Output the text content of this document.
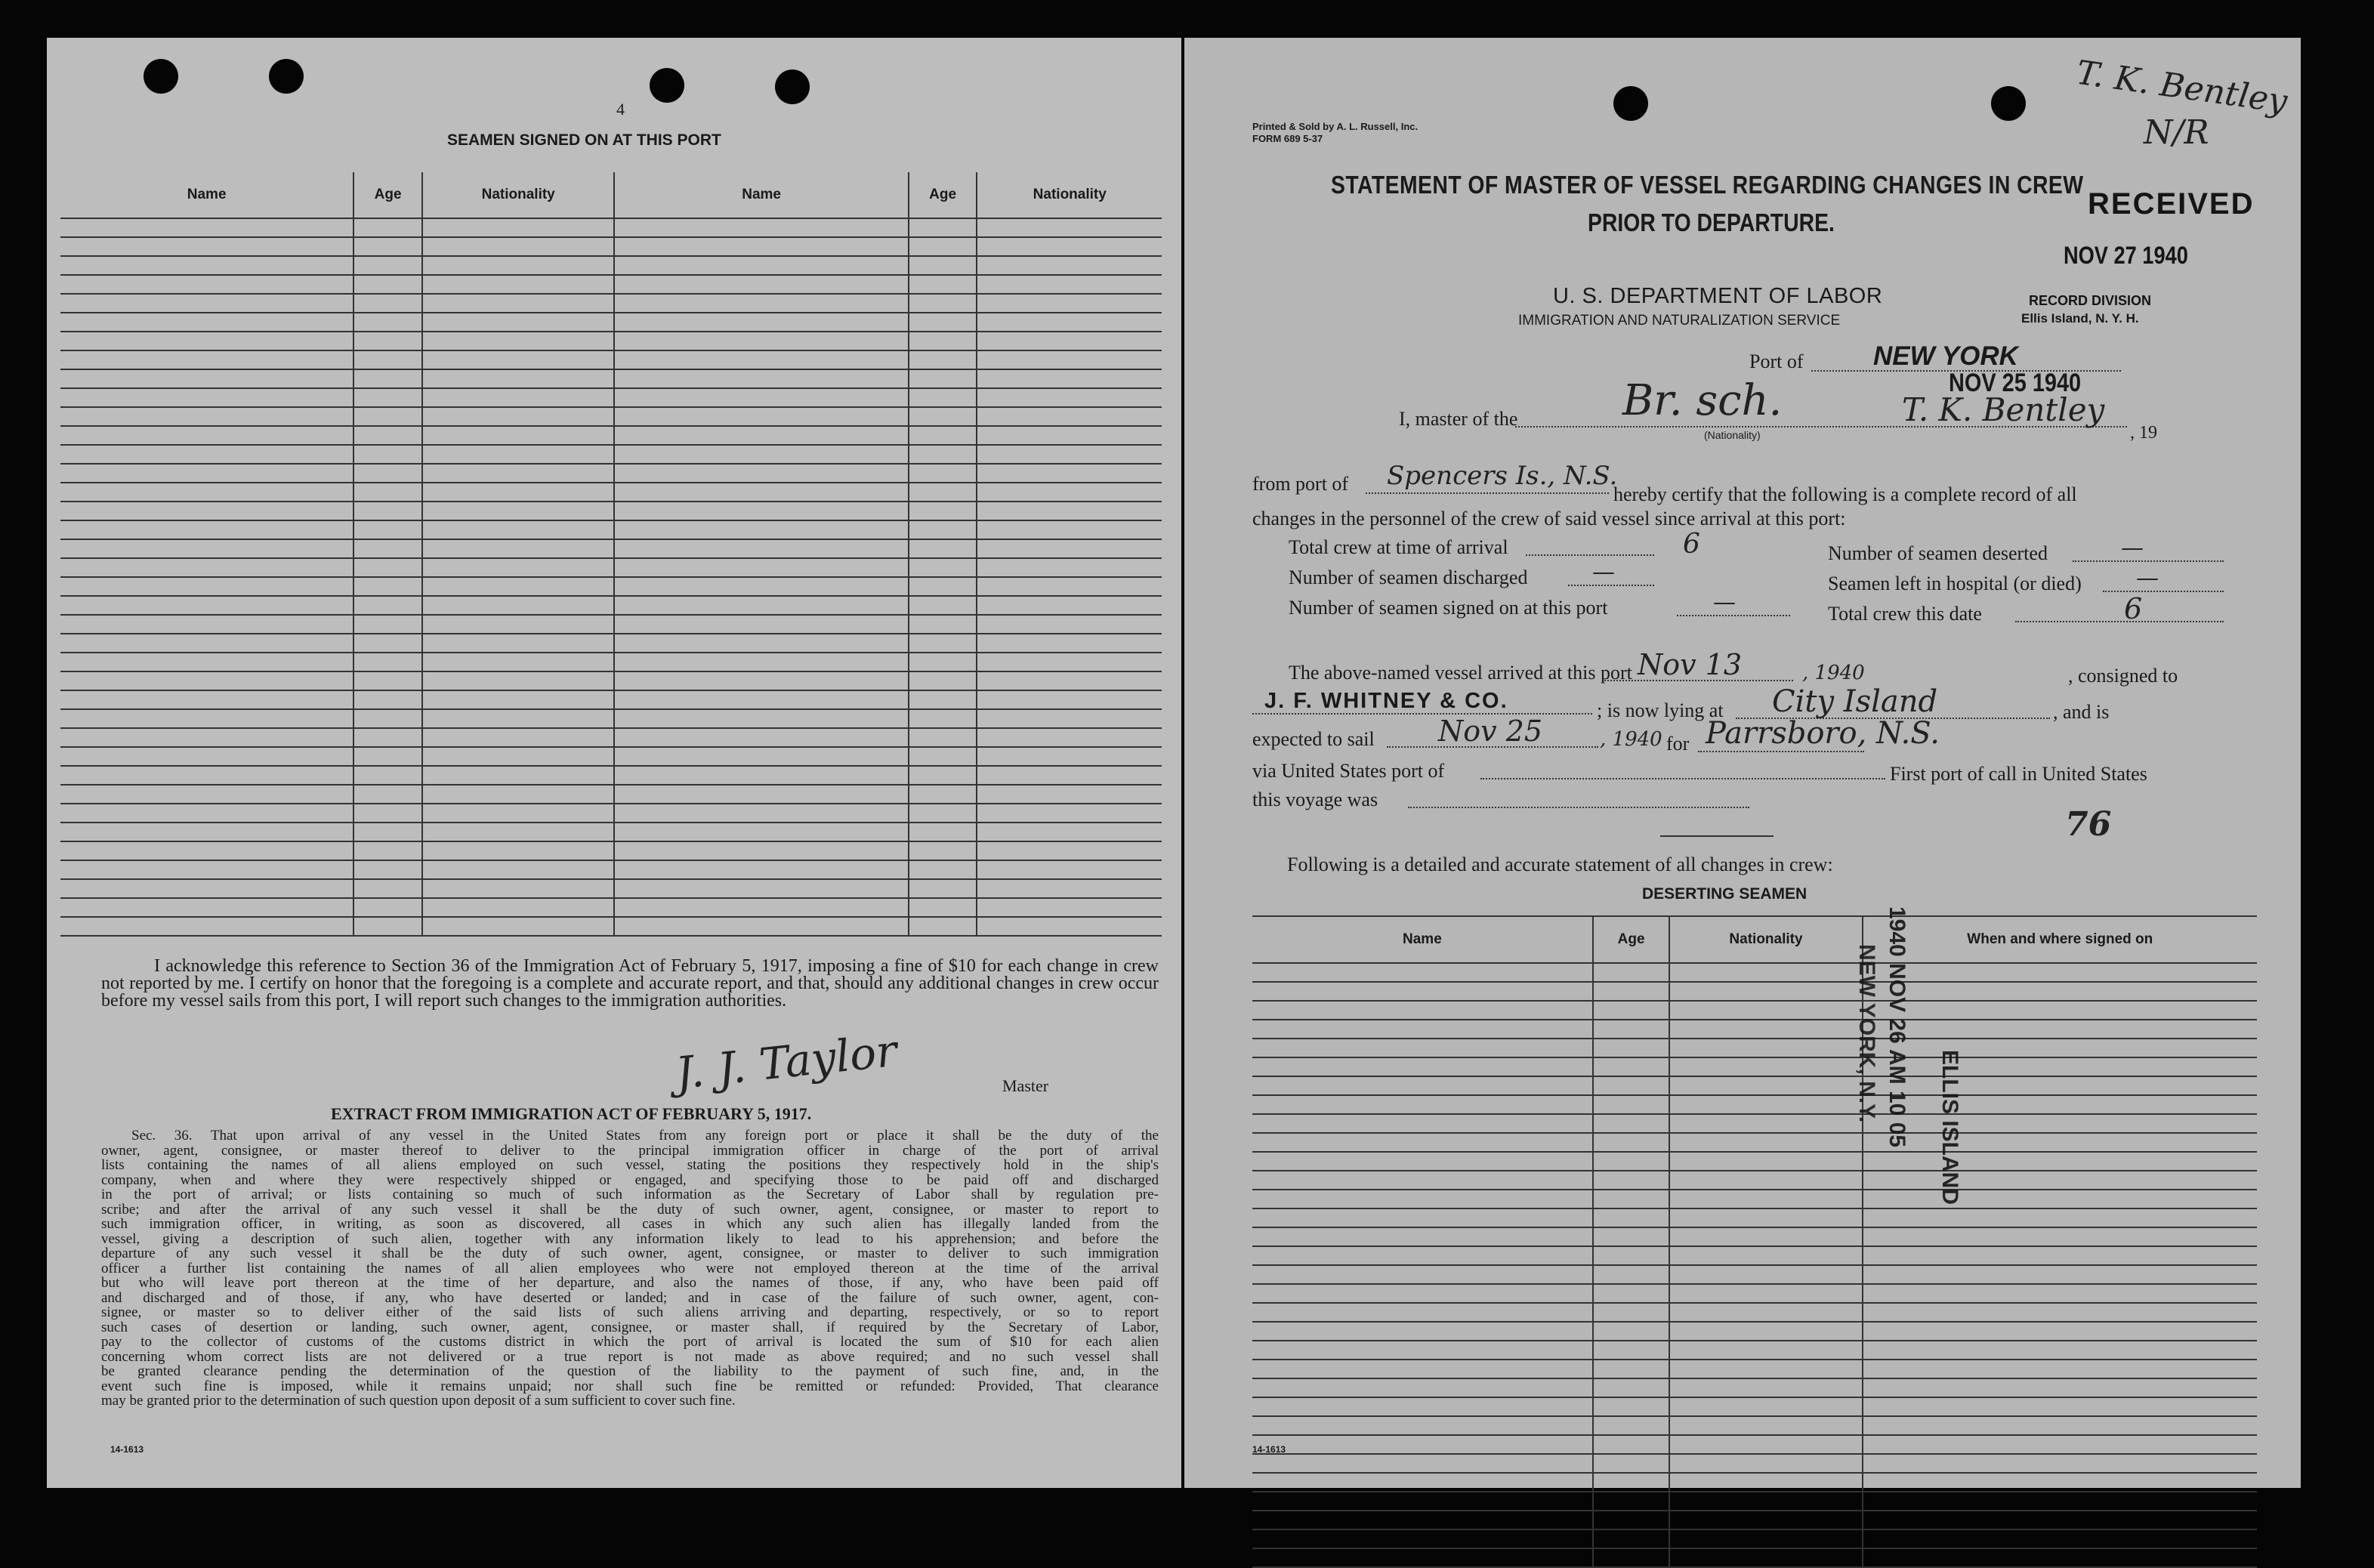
4
SEAMEN SIGNED ON AT THIS PORT
Name	Age	Nationality	Name	Age	Nationality

I acknowledge this reference to Section 36 of the Immigration Act of February 5, 1917, imposing a fine of $10 for each change in crew not reported by me. I certify on honor that the foregoing is a complete and accurate report, and that, should any additional changes in crew occur before my vessel sails from this port, I will report such changes to the immigration authorities.
J. J. Taylor	Master
EXTRACT FROM IMMIGRATION ACT OF FEBRUARY 5, 1917.
Sec. 36. That upon arrival of any vessel in the United States from any foreign port or place it shall be the duty of the
owner, agent, consignee, or master thereof to deliver to the principal immigration officer in charge of the port of arrival
lists containing the names of all aliens employed on such vessel, stating the positions they respectively hold in the ship's
company, when and where they were respectively shipped or engaged, and specifying those to be paid off and discharged
in the port of arrival; or lists containing so much of such information as the Secretary of Labor shall by regulation pre-
scribe; and after the arrival of any such vessel it shall be the duty of such owner, agent, consignee, or master to report to
such immigration officer, in writing, as soon as discovered, all cases in which any such alien has illegally landed from the
vessel, giving a description of such alien, together with any information likely to lead to his apprehension; and before the
departure of any such vessel it shall be the duty of such owner, agent, consignee, or master to deliver to such immigration
officer a further list containing the names of all alien employees who were not employed thereon at the time of the arrival
but who will leave port thereon at the time of her departure, and also the names of those, if any, who have been paid off
and discharged and of those, if any, who have deserted or landed; and in case of the failure of such owner, agent, con-
signee, or master so to deliver either of the said lists of such aliens arriving and departing, respectively, or so to report
such cases of desertion or landing, such owner, agent, consignee, or master shall, if required by the Secretary of Labor,
pay to the collector of customs of the customs district in which the port of arrival is located the sum of $10 for each alien
concerning whom correct lists are not delivered or a true report is not made as above required; and no such vessel shall
be granted clearance pending the determination of the question of the liability to the payment of such fine, and, in the
event such fine is imposed, while it remains unpaid; nor shall such fine be remitted or refunded: Provided, That clearance
may be granted prior to the determination of such question upon deposit of a sum sufficient to cover such fine.
14-1613
Printed & Sold by A. L. Russell, Inc.
FORM 689 5-37
STATEMENT OF MASTER OF VESSEL REGARDING CHANGES IN CREW
PRIOR TO DEPARTURE.
U. S. DEPARTMENT OF LABOR
IMMIGRATION AND NATURALIZATION SERVICE
Port of	NEW YORK
NOV 25 1940
I, master of the Br. sch.	T. K. Bentley
(Nationality)	, 19
from port of Spencers Is., N.S.
hereby certify that the following is a complete record of all
changes in the personnel of the crew of said vessel since arrival at this port:
Total crew at time of arrival	6
Number of seamen discharged	—
Number of seamen signed on at this port	—
Number of seamen deserted	—
Seamen left in hospital (or died) —
Total crew this date	6
The above-named vessel arrived at this port Nov 13	, 1940	, consigned to
J. F. WHITNEY & CO.	; is now lying at City Island	, and is
expected to sail Nov 25	, 1940 for Parrsboro, N.S.
via United States port of	First port of call in United States
this voyage was
Following is a detailed and accurate statement of all changes in crew:
DESERTING SEAMEN
Name	Age	Nationality	When and where signed on

14-1613
RECEIVED
NOV 27 1940
RECORD DIVISION
Ellis Island, N. Y. H.
ELLIS ISLAND
1940 NOV 26 AM 10 05
NEW YORK, N.Y.
T. K. Bentley
N/R
76
